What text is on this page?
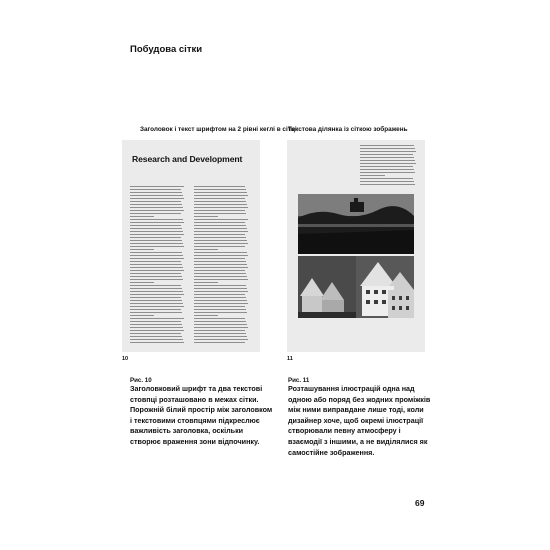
Побудова сітки
Заголовок і текст шрифтом на 2 рівні кеглі в сітці
Текстова ділянка із сіткою зображень
Research and Development
10	11
Рис. 10
Заголовковий шрифт та два текстові стовпці розташовано в межах сітки. Порожній білий простір між заголовком і текстовими стовпцями підкреслює важливість заголовка, оскільки створює враження зони відпочинку.
Рис. 11
Розташування ілюстрацій одна над одною або поряд без жодних проміжків між ними виправдане лише тоді, коли дизайнер хоче, щоб окремі ілюстрації створювали певну атмосферу і взаємодії з іншими, а не виділялися як самостійне зображення.
69
